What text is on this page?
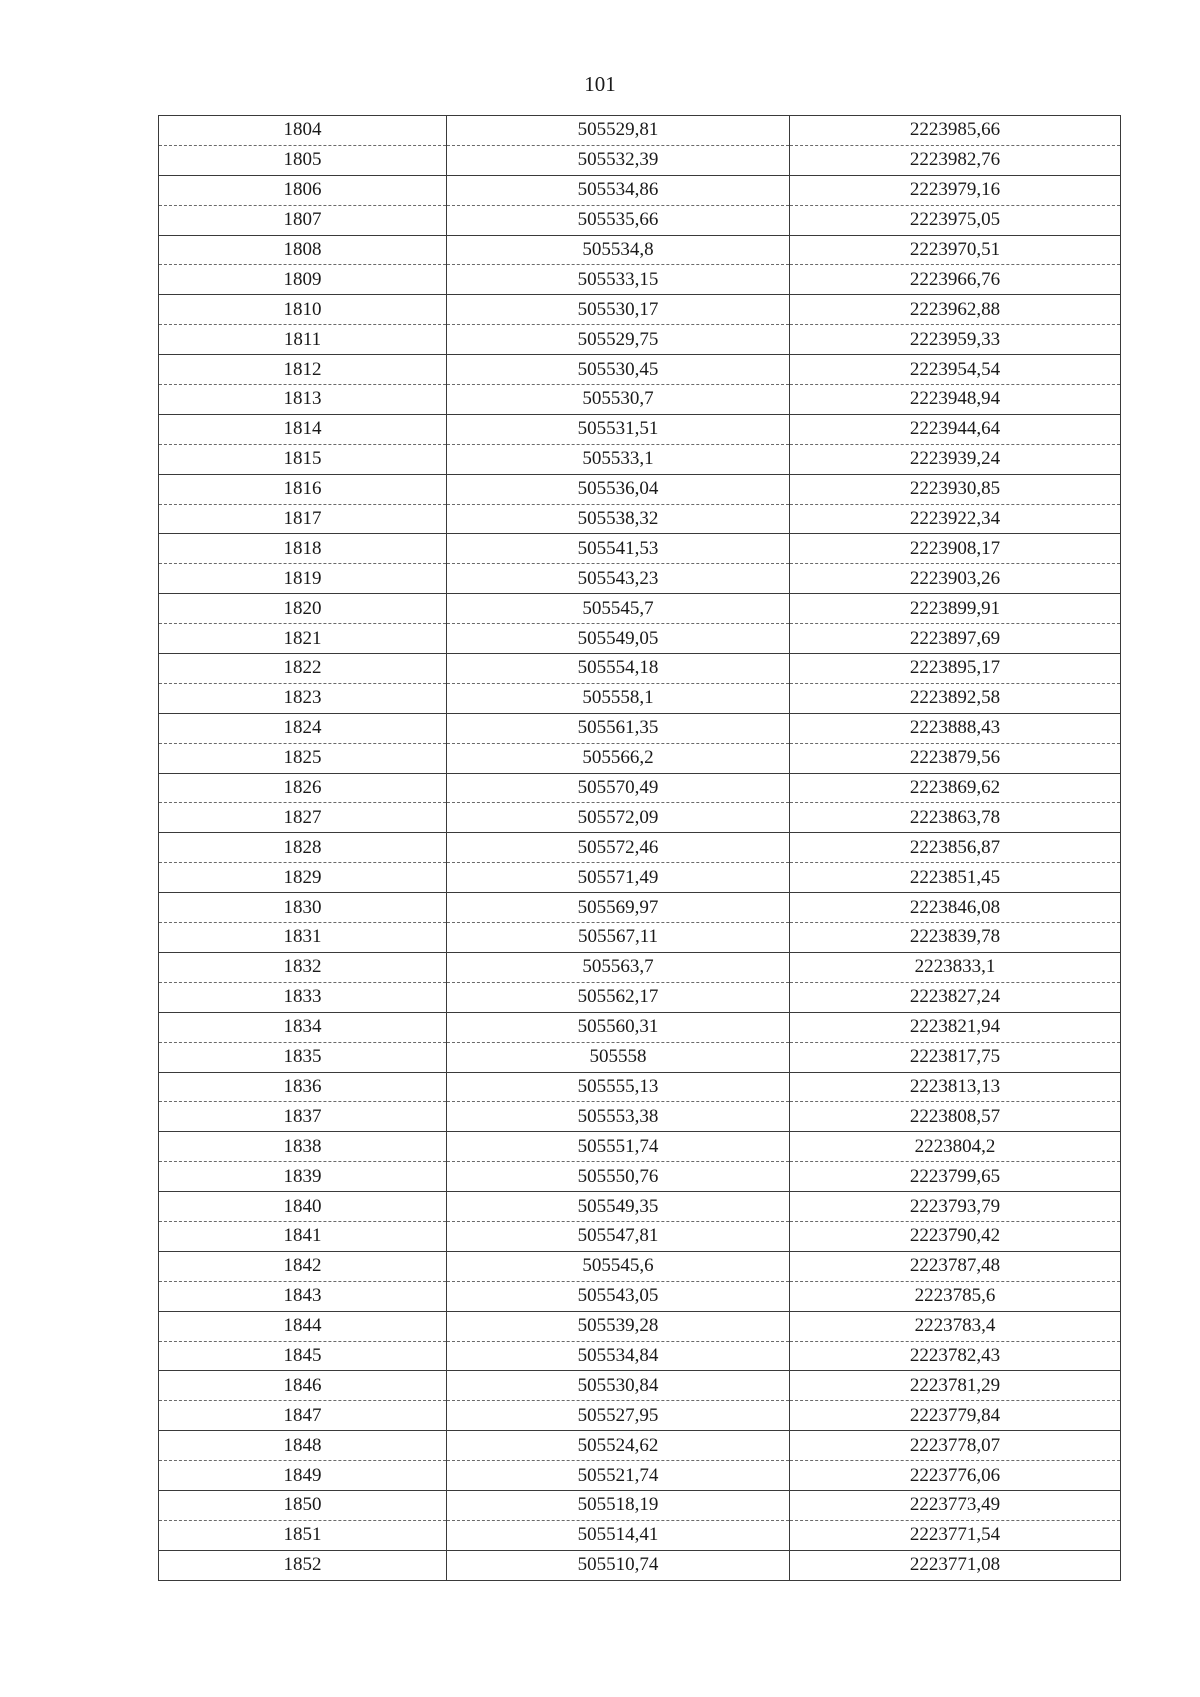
101
1804	505529,81	2223985,66
1805	505532,39	2223982,76
1806	505534,86	2223979,16
1807	505535,66	2223975,05
1808	505534,8	2223970,51
1809	505533,15	2223966,76
1810	505530,17	2223962,88
1811	505529,75	2223959,33
1812	505530,45	2223954,54
1813	505530,7	2223948,94
1814	505531,51	2223944,64
1815	505533,1	2223939,24
1816	505536,04	2223930,85
1817	505538,32	2223922,34
1818	505541,53	2223908,17
1819	505543,23	2223903,26
1820	505545,7	2223899,91
1821	505549,05	2223897,69
1822	505554,18	2223895,17
1823	505558,1	2223892,58
1824	505561,35	2223888,43
1825	505566,2	2223879,56
1826	505570,49	2223869,62
1827	505572,09	2223863,78
1828	505572,46	2223856,87
1829	505571,49	2223851,45
1830	505569,97	2223846,08
1831	505567,11	2223839,78
1832	505563,7	2223833,1
1833	505562,17	2223827,24
1834	505560,31	2223821,94
1835	505558	2223817,75
1836	505555,13	2223813,13
1837	505553,38	2223808,57
1838	505551,74	2223804,2
1839	505550,76	2223799,65
1840	505549,35	2223793,79
1841	505547,81	2223790,42
1842	505545,6	2223787,48
1843	505543,05	2223785,6
1844	505539,28	2223783,4
1845	505534,84	2223782,43
1846	505530,84	2223781,29
1847	505527,95	2223779,84
1848	505524,62	2223778,07
1849	505521,74	2223776,06
1850	505518,19	2223773,49
1851	505514,41	2223771,54
1852	505510,74	2223771,08
